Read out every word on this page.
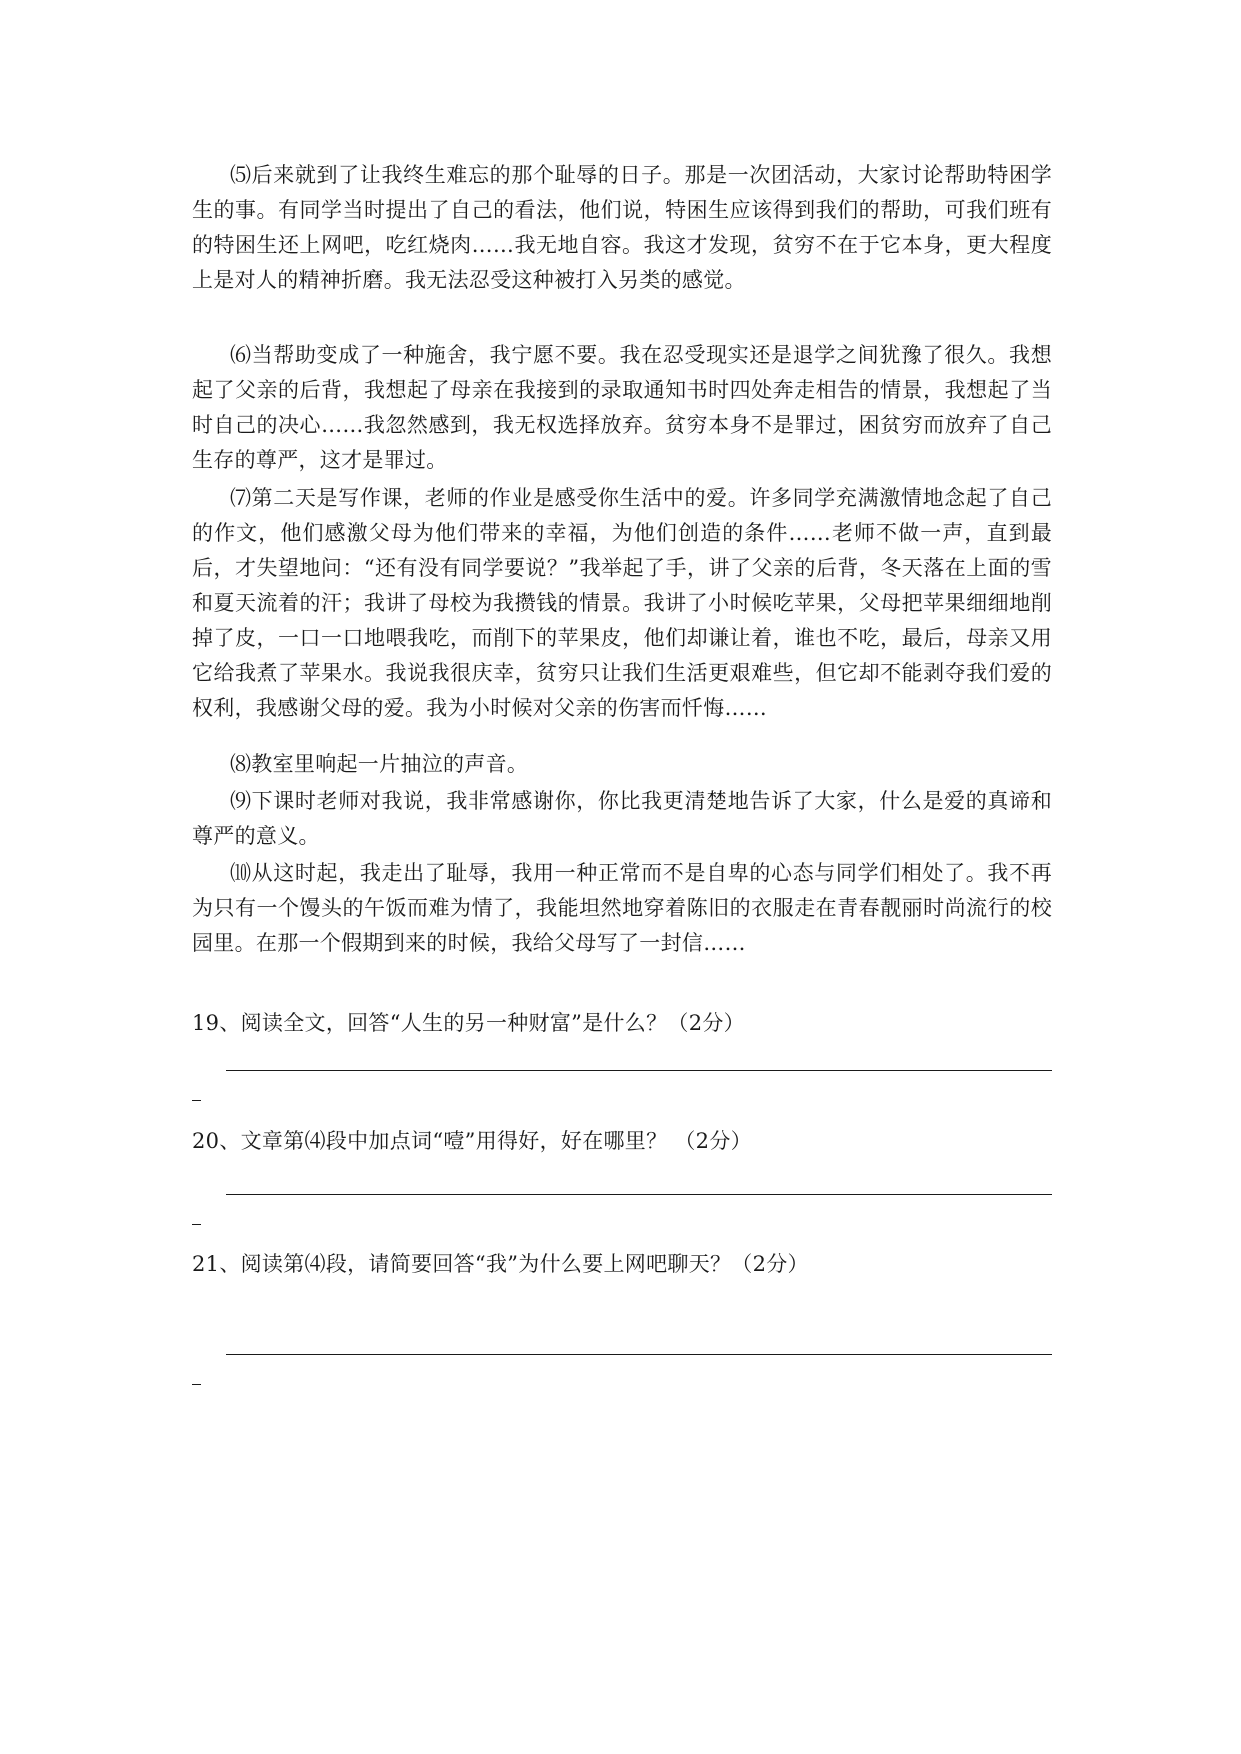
⑸后来就到了让我终生难忘的那个耻辱的日子。那是一次团活动，大家讨论帮助特困学生的事。有同学当时提出了自己的看法，他们说，特困生应该得到我们的帮助，可我们班有的特困生还上网吧，吃红烧肉……我无地自容。我这才发现，贫穷不在于它本身，更大程度上是对人的精神折磨。我无法忍受这种被打入另类的感觉。

⑹当帮助变成了一种施舍，我宁愿不要。我在忍受现实还是退学之间犹豫了很久。我想起了父亲的后背，我想起了母亲在我接到的录取通知书时四处奔走相告的情景，我想起了当时自己的决心……我忽然感到，我无权选择放弃。贫穷本身不是罪过，困贫穷而放弃了自己生存的尊严，这才是罪过。

⑺第二天是写作课，老师的作业是感受你生活中的爱。许多同学充满激情地念起了自己的作文，他们感激父母为他们带来的幸福，为他们创造的条件……老师不做一声，直到最后，才失望地问：“还有没有同学要说？”我举起了手，讲了父亲的后背，冬天落在上面的雪和夏天流着的汗；我讲了母校为我攒钱的情景。我讲了小时候吃苹果，父母把苹果细细地削掉了皮，一口一口地喂我吃，而削下的苹果皮，他们却谦让着，谁也不吃，最后，母亲又用它给我煮了苹果水。我说我很庆幸，贫穷只让我们生活更艰难些，但它却不能剥夺我们爱的权利，我感谢父母的爱。我为小时候对父亲的伤害而忏悔……

⑻教室里响起一片抽泣的声音。

⑼下课时老师对我说，我非常感谢你，你比我更清楚地告诉了大家，什么是爱的真谛和尊严的意义。

⑽从这时起，我走出了耻辱，我用一种正常而不是自卑的心态与同学们相处了。我不再为只有一个馒头的午饭而难为情了，我能坦然地穿着陈旧的衣服走在青春靓丽时尚流行的校园里。在那一个假期到来的时候，我给父母写了一封信……

19、阅读全文，回答“人生的另一种财富”是什么？（2分）

20、文章第⑷段中加点词“噎”用得好，好在哪里？ （2分）

21、阅读第⑷段，请简要回答“我”为什么要上网吧聊天？（2分）
